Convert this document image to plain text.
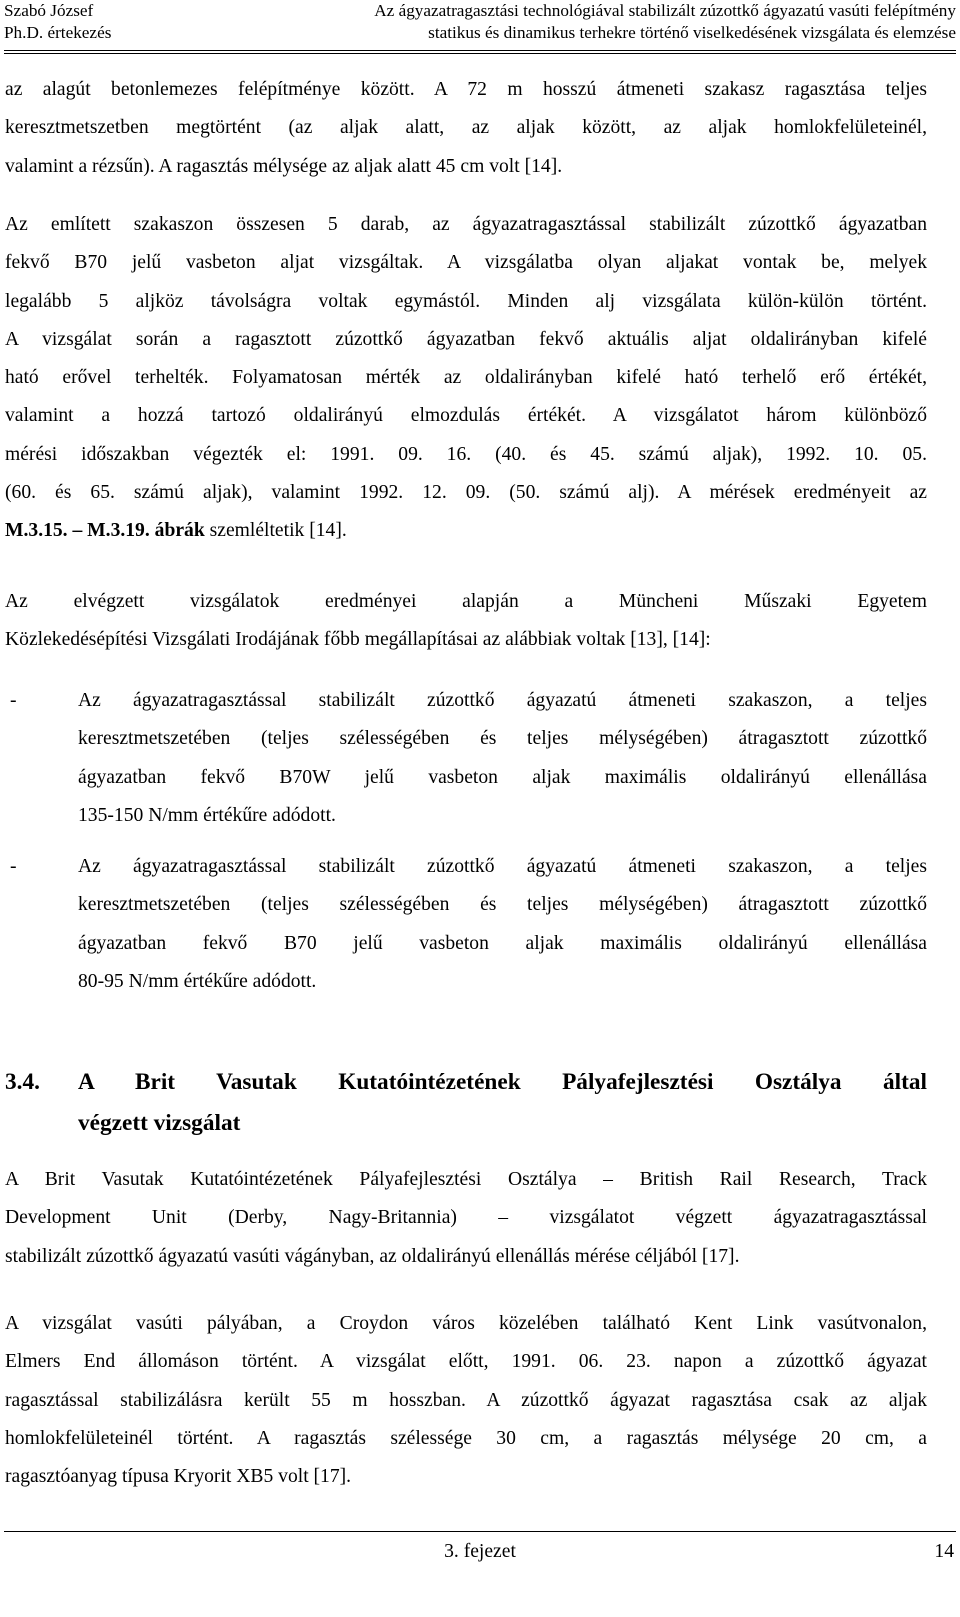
Szabó József
Ph.D. értekezés
Az ágyazatragasztási technológiával stabilizált zúzottkő ágyazatú vasúti felépítmény
statikus és dinamikus terhekre történő viselkedésének vizsgálata és elemzése
az alagút betonlemezes felépítménye között. A 72 m hosszú átmeneti szakasz ragasztása teljes
keresztmetszetben megtörtént (az aljak alatt, az aljak között, az aljak homlokfelületeinél,
valamint a rézsűn). A ragasztás mélysége az aljak alatt 45 cm volt [14].
Az említett szakaszon összesen 5 darab, az ágyazatragasztással stabilizált zúzottkő ágyazatban
fekvő B70 jelű vasbeton aljat vizsgáltak. A vizsgálatba olyan aljakat vontak be, melyek
legalább 5 aljköz távolságra voltak egymástól. Minden alj vizsgálata külön-külön történt.
A vizsgálat során a ragasztott zúzottkő ágyazatban fekvő aktuális aljat oldalirányban kifelé
ható erővel terhelték. Folyamatosan mérték az oldalirányban kifelé ható terhelő erő értékét,
valamint a hozzá tartozó oldalirányú elmozdulás értékét. A vizsgálatot három különböző
mérési időszakban végezték el: 1991. 09. 16. (40. és 45. számú aljak), 1992. 10. 05.
(60. és 65. számú aljak), valamint 1992. 12. 09. (50. számú alj). A mérések eredményeit az
M.3.15. – M.3.19. ábrák szemléltetik [14].
Az elvégzett vizsgálatok eredményei alapján a Müncheni Műszaki Egyetem
Közlekedésépítési Vizsgálati Irodájának főbb megállapításai az alábbiak voltak [13], [14]:
-	Az ágyazatragasztással stabilizált zúzottkő ágyazatú átmeneti szakaszon, a teljes
keresztmetszetében (teljes szélességében és teljes mélységében) átragasztott zúzottkő
ágyazatban fekvő B70W jelű vasbeton aljak maximális oldalirányú ellenállása
135-150 N/mm értékűre adódott.
-	Az ágyazatragasztással stabilizált zúzottkő ágyazatú átmeneti szakaszon, a teljes
keresztmetszetében (teljes szélességében és teljes mélységében) átragasztott zúzottkő
ágyazatban fekvő B70 jelű vasbeton aljak maximális oldalirányú ellenállása
80-95 N/mm értékűre adódott.
3.4. A Brit Vasutak Kutatóintézetének Pályafejlesztési Osztálya által
végzett vizsgálat
A Brit Vasutak Kutatóintézetének Pályafejlesztési Osztálya – British Rail Research, Track
Development Unit (Derby, Nagy-Britannia) – vizsgálatot végzett ágyazatragasztással
stabilizált zúzottkő ágyazatú vasúti vágányban, az oldalirányú ellenállás mérése céljából [17].
A vizsgálat vasúti pályában, a Croydon város közelében található Kent Link vasútvonalon,
Elmers End állomáson történt. A vizsgálat előtt, 1991. 06. 23. napon a zúzottkő ágyazat
ragasztással stabilizálásra került 55 m hosszban. A zúzottkő ágyazat ragasztása csak az aljak
homlokfelületeinél történt. A ragasztás szélessége 30 cm, a ragasztás mélysége 20 cm, a
ragasztóanyag típusa Kryorit XB5 volt [17].
3. fejezet	14
